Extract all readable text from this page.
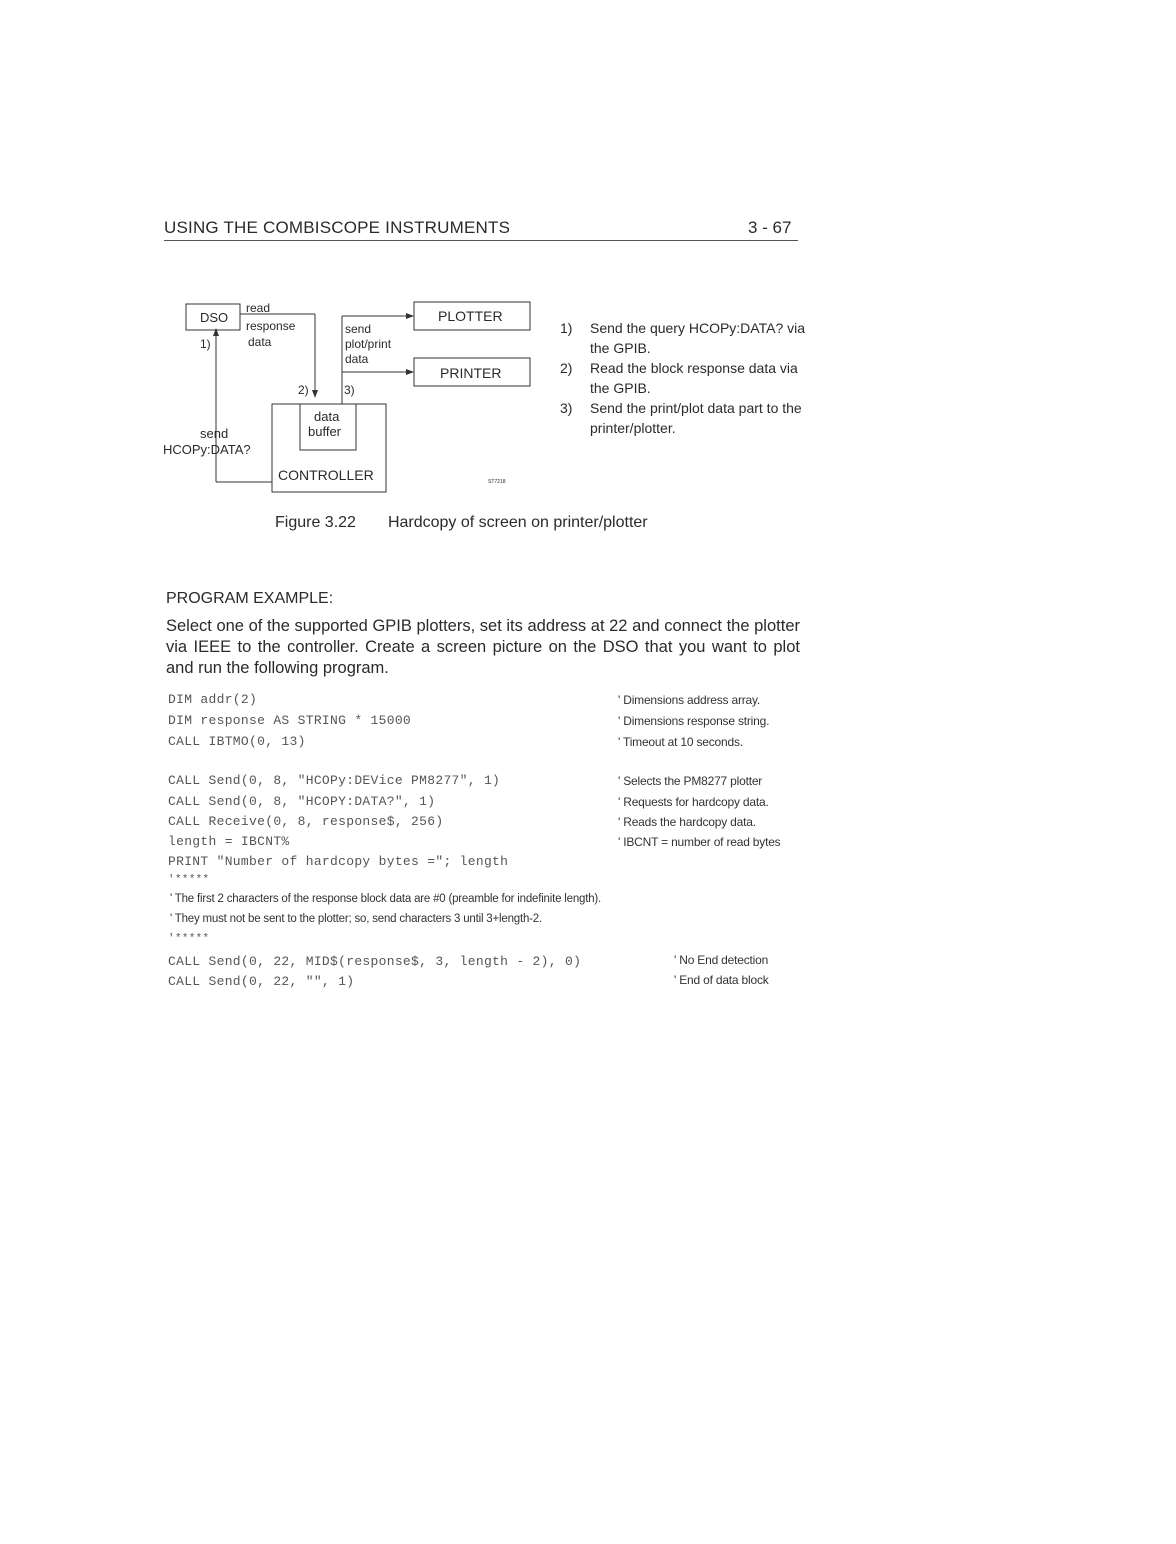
USING THE COMBISCOPE INSTRUMENTS	3 - 67
DSO
read
response
data
1)
send
HCOPy:DATA?
2)	3)
send
plot/print
data
PLOTTER
PRINTER
data
buffer
CONTROLLER	ST7218
1) Send the query HCOPy:DATA? via the GPIB.
2) Read the block response data via the GPIB.
3) Send the print/plot data part to the printer/plotter.
Figure 3.22 Hardcopy of screen on printer/plotter
PROGRAM EXAMPLE:
Select one of the supported GPIB plotters, set its address at 22 and connect the plotter via IEEE to the controller. Create a screen picture on the DSO that you want to plot and run the following program.
DIM addr(2)	' Dimensions address array.
DIM response AS STRING * 15000	' Dimensions response string.
CALL IBTMO(0, 13)	' Timeout at 10 seconds.
CALL Send(0, 8, "HCOPy:DEVice PM8277", 1)	' Selects the PM8277 plotter
CALL Send(0, 8, "HCOPY:DATA?", 1)	' Requests for hardcopy data.
CALL Receive(0, 8, response$, 256)	' Reads the hardcopy data.
length = IBCNT%	' IBCNT = number of read bytes
PRINT "Number of hardcopy bytes ="; length
'*****
' The first 2 characters of the response block data are #0 (preamble for indefinite length).
' They must not be sent to the plotter; so, send characters 3 until 3+length-2.
'*****
CALL Send(0, 22, MID$(response$, 3, length - 2), 0)	' No End detection
CALL Send(0, 22, "", 1)	' End of data block
